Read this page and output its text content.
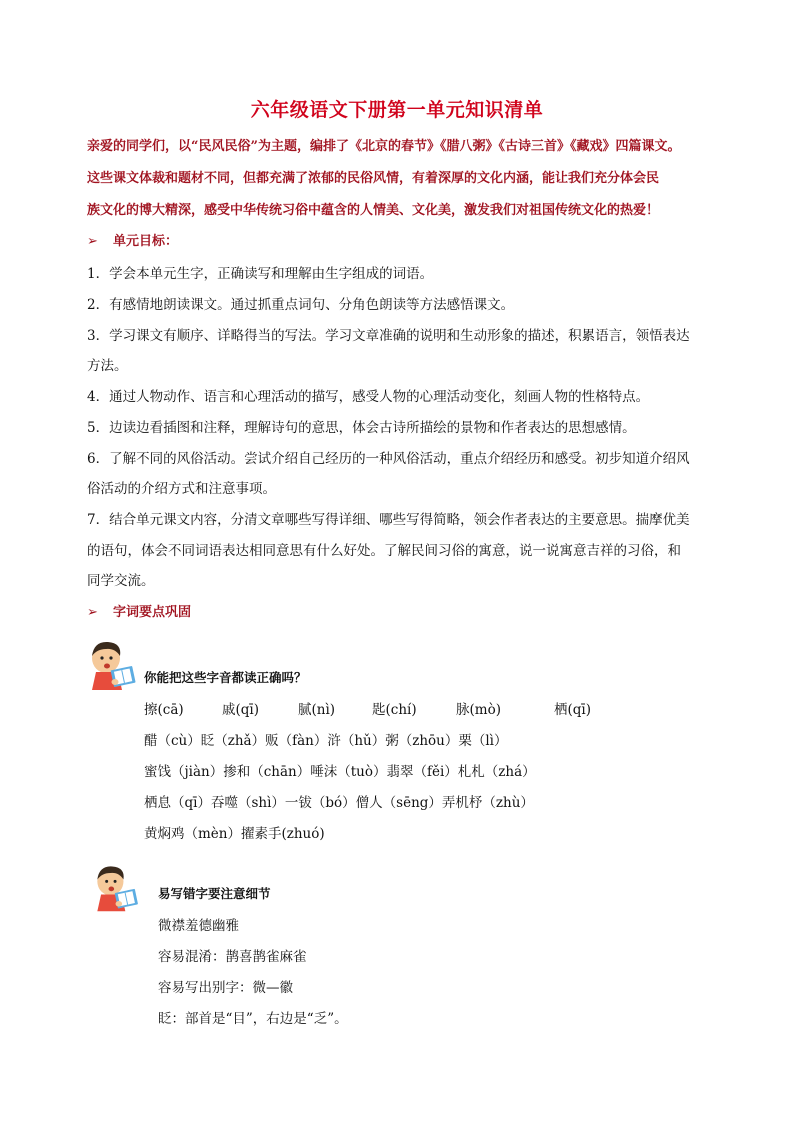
六年级语文下册第一单元知识清单
亲爱的同学们，以“民风民俗”为主题，编排了《北京的春节》《腊八粥》《古诗三首》《藏戏》四篇课文。
这些课文体裁和题材不同，但都充满了浓郁的民俗风情，有着深厚的文化内涵，能让我们充分体会民
族文化的博大精深，感受中华传统习俗中蕴含的人情美、文化美，激发我们对祖国传统文化的热爱！
➢ 单元目标：
1．学会本单元生字，正确读写和理解由生字组成的词语。
2．有感情地朗读课文。通过抓重点词句、分角色朗读等方法感悟课文。
3．学习课文有顺序、详略得当的写法。学习文章准确的说明和生动形象的描述，积累语言，领悟表达
方法。
4．通过人物动作、语言和心理活动的描写，感受人物的心理活动变化，刻画人物的性格特点。
5．边读边看插图和注释，理解诗句的意思，体会古诗所描绘的景物和作者表达的思想感情。
6．了解不同的风俗活动。尝试介绍自己经历的一种风俗活动，重点介绍经历和感受。初步知道介绍风
俗活动的介绍方式和注意事项。
7．结合单元课文内容，分清文章哪些写得详细、哪些写得简略，领会作者表达的主要意思。揣摩优美
的语句，体会不同词语表达相同意思有什么好处。了解民间习俗的寓意，说一说寓意吉祥的习俗，和
同学交流。
➢ 字词要点巩固
你能把这些字音都读正确吗？
擦(cā)	戚(qī)	腻(nì)	匙(chí)	脉(mò)	栖(qī)
醋（cù）眨（zhǎ）贩（fàn）浒（hǔ）粥（zhōu）栗（lì）
蜜饯（jiàn）掺和（chān）唾沫（tuò）翡翠（fěi）札札（zhá）
栖息（qī）吞噬（shì）一钹（bó）僧人（sēng）弄机杼（zhù）
黄焖鸡（mèn）擢素手(zhuó)
易写错字要注意细节
微襟羞德幽雅
容易混淆：鹊喜鹊雀麻雀
容易写出别字：微—徽
眨：部首是“目”，右边是“乏”。
